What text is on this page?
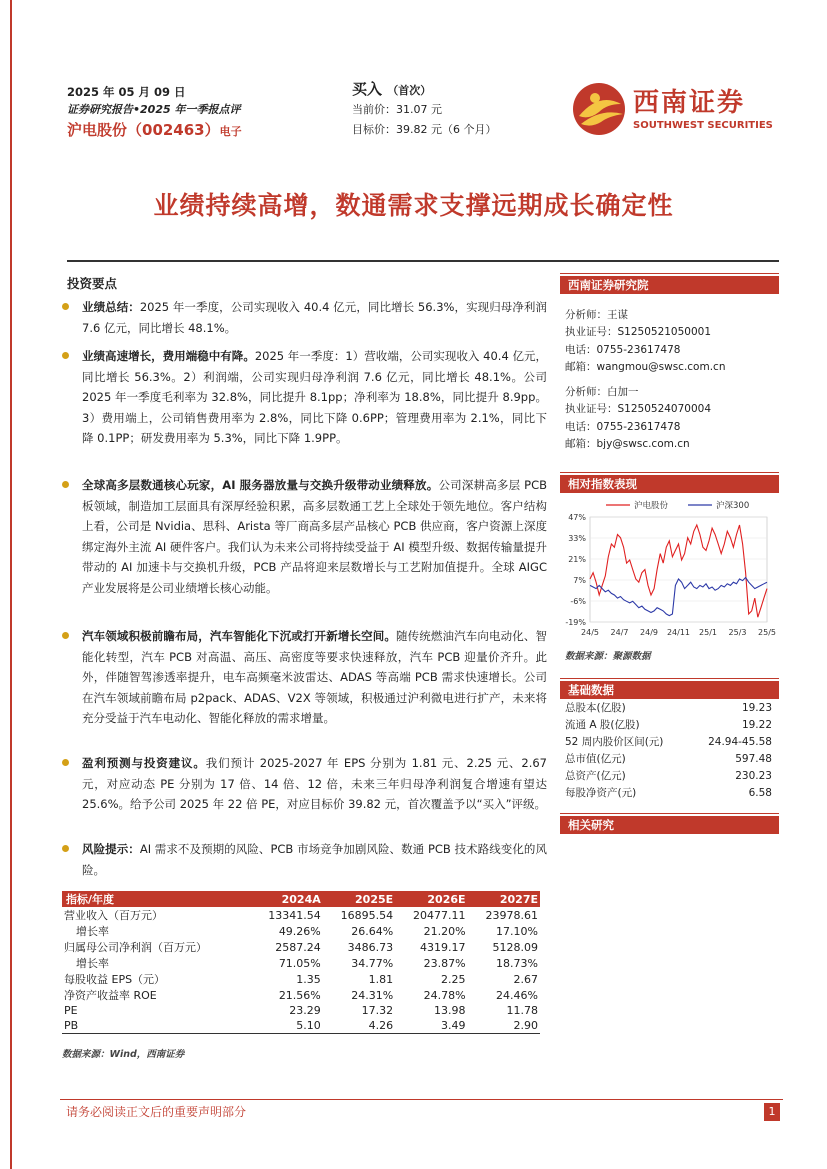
2025 年 05 月 09 日
证券研究报告•2025 年一季报点评
沪电股份（002463）电子
买入 （首次）
当前价：31.07 元
目标价：39.82 元（6 个月）
西南证券
SOUTHWEST SECURITIES
业绩持续高增，数通需求支撑远期成长确定性
投资要点
业绩总结：2025 年一季度，公司实现收入 40.4 亿元，同比增长 56.3%，实现归母净利润 7.6 亿元，同比增长 48.1%。
业绩高速增长，费用端稳中有降。2025 年一季度：1）营收端，公司实现收入 40.4 亿元，同比增长 56.3%。2）利润端，公司实现归母净利润 7.6 亿元，同比增长 48.1%。公司 2025 年一季度毛利率为 32.8%，同比提升 8.1pp；净利率为 18.8%，同比提升 8.9pp。3）费用端上，公司销售费用率为 2.8%，同比下降 0.6PP；管理费用率为 2.1%，同比下降 0.1PP；研发费用率为 5.3%，同比下降 1.9PP。
全球高多层数通核心玩家，AI 服务器放量与交换升级带动业绩释放。公司深耕高多层 PCB 板领域，制造加工层面具有深厚经验积累，高多层数通工艺上全球处于领先地位。客户结构上看，公司是 Nvidia、思科、Arista 等厂商高多层产品核心 PCB 供应商，客户资源上深度绑定海外主流 AI 硬件客户。我们认为未来公司将持续受益于 AI 模型升级、数据传输量提升带动的 AI 加速卡与交换机升级，PCB 产品将迎来层数增长与工艺附加值提升。全球 AIGC 产业发展将是公司业绩增长核心动能。
汽车领域积极前瞻布局，汽车智能化下沉或打开新增长空间。随传统燃油汽车向电动化、智能化转型，汽车 PCB 对高温、高压、高密度等要求快速释放，汽车 PCB 迎量价齐升。此外，伴随智驾渗透率提升，电车高频毫米波雷达、ADAS 等高端 PCB 需求快速增长。公司在汽车领域前瞻布局 p2pack、ADAS、V2X 等领域，积极通过沪利微电进行扩产，未来将充分受益于汽车电动化、智能化释放的需求增量。
盈利预测与投资建议。我们预计 2025-2027 年 EPS 分别为 1.81 元、2.25 元、2.67 元，对应动态 PE 分别为 17 倍、14 倍、12 倍，未来三年归母净利润复合增速有望达 25.6%。给予公司 2025 年 22 倍 PE，对应目标价 39.82 元，首次覆盖予以“买入”评级。
风险提示：AI 需求不及预期的风险、PCB 市场竞争加剧风险、数通 PCB 技术路线变化的风险。
西南证券研究院
分析师：王谋
执业证号：S1250521050001
电话：0755-23617478
邮箱：wangmou@swsc.com.cn
分析师：白加一
执业证号：S1250524070004
电话：0755-23617478
邮箱：bjy@swsc.com.cn
相对指数表现
47%
33%
21%
7%
-6%
-19%
24/5 24/7 24/9 24/11 25/1 25/3 25/5
沪电股份	沪深300
数据来源：聚源数据
基础数据
总股本(亿股)	19.23
流通 A 股(亿股)	19.22
52 周内股价区间(元)	24.94-45.58
总市值(亿元)	597.48
总资产(亿元)	230.23
每股净资产(元)	6.58
相关研究
指标/年度	2024A	2025E	2026E	2027E
营业收入（百万元）	13341.54	16895.54	20477.11	23978.61
增长率	49.26%	26.64%	21.20%	17.10%
归属母公司净利润（百万元）	2587.24	3486.73	4319.17	5128.09
增长率	71.05%	34.77%	23.87%	18.73%
每股收益 EPS（元）	1.35	1.81	2.25	2.67
净资产收益率 ROE	21.56%	24.31%	24.78%	24.46%
PE	23.29	17.32	13.98	11.78
PB	5.10	4.26	3.49	2.90
数据来源：Wind，西南证券
请务必阅读正文后的重要声明部分	1
